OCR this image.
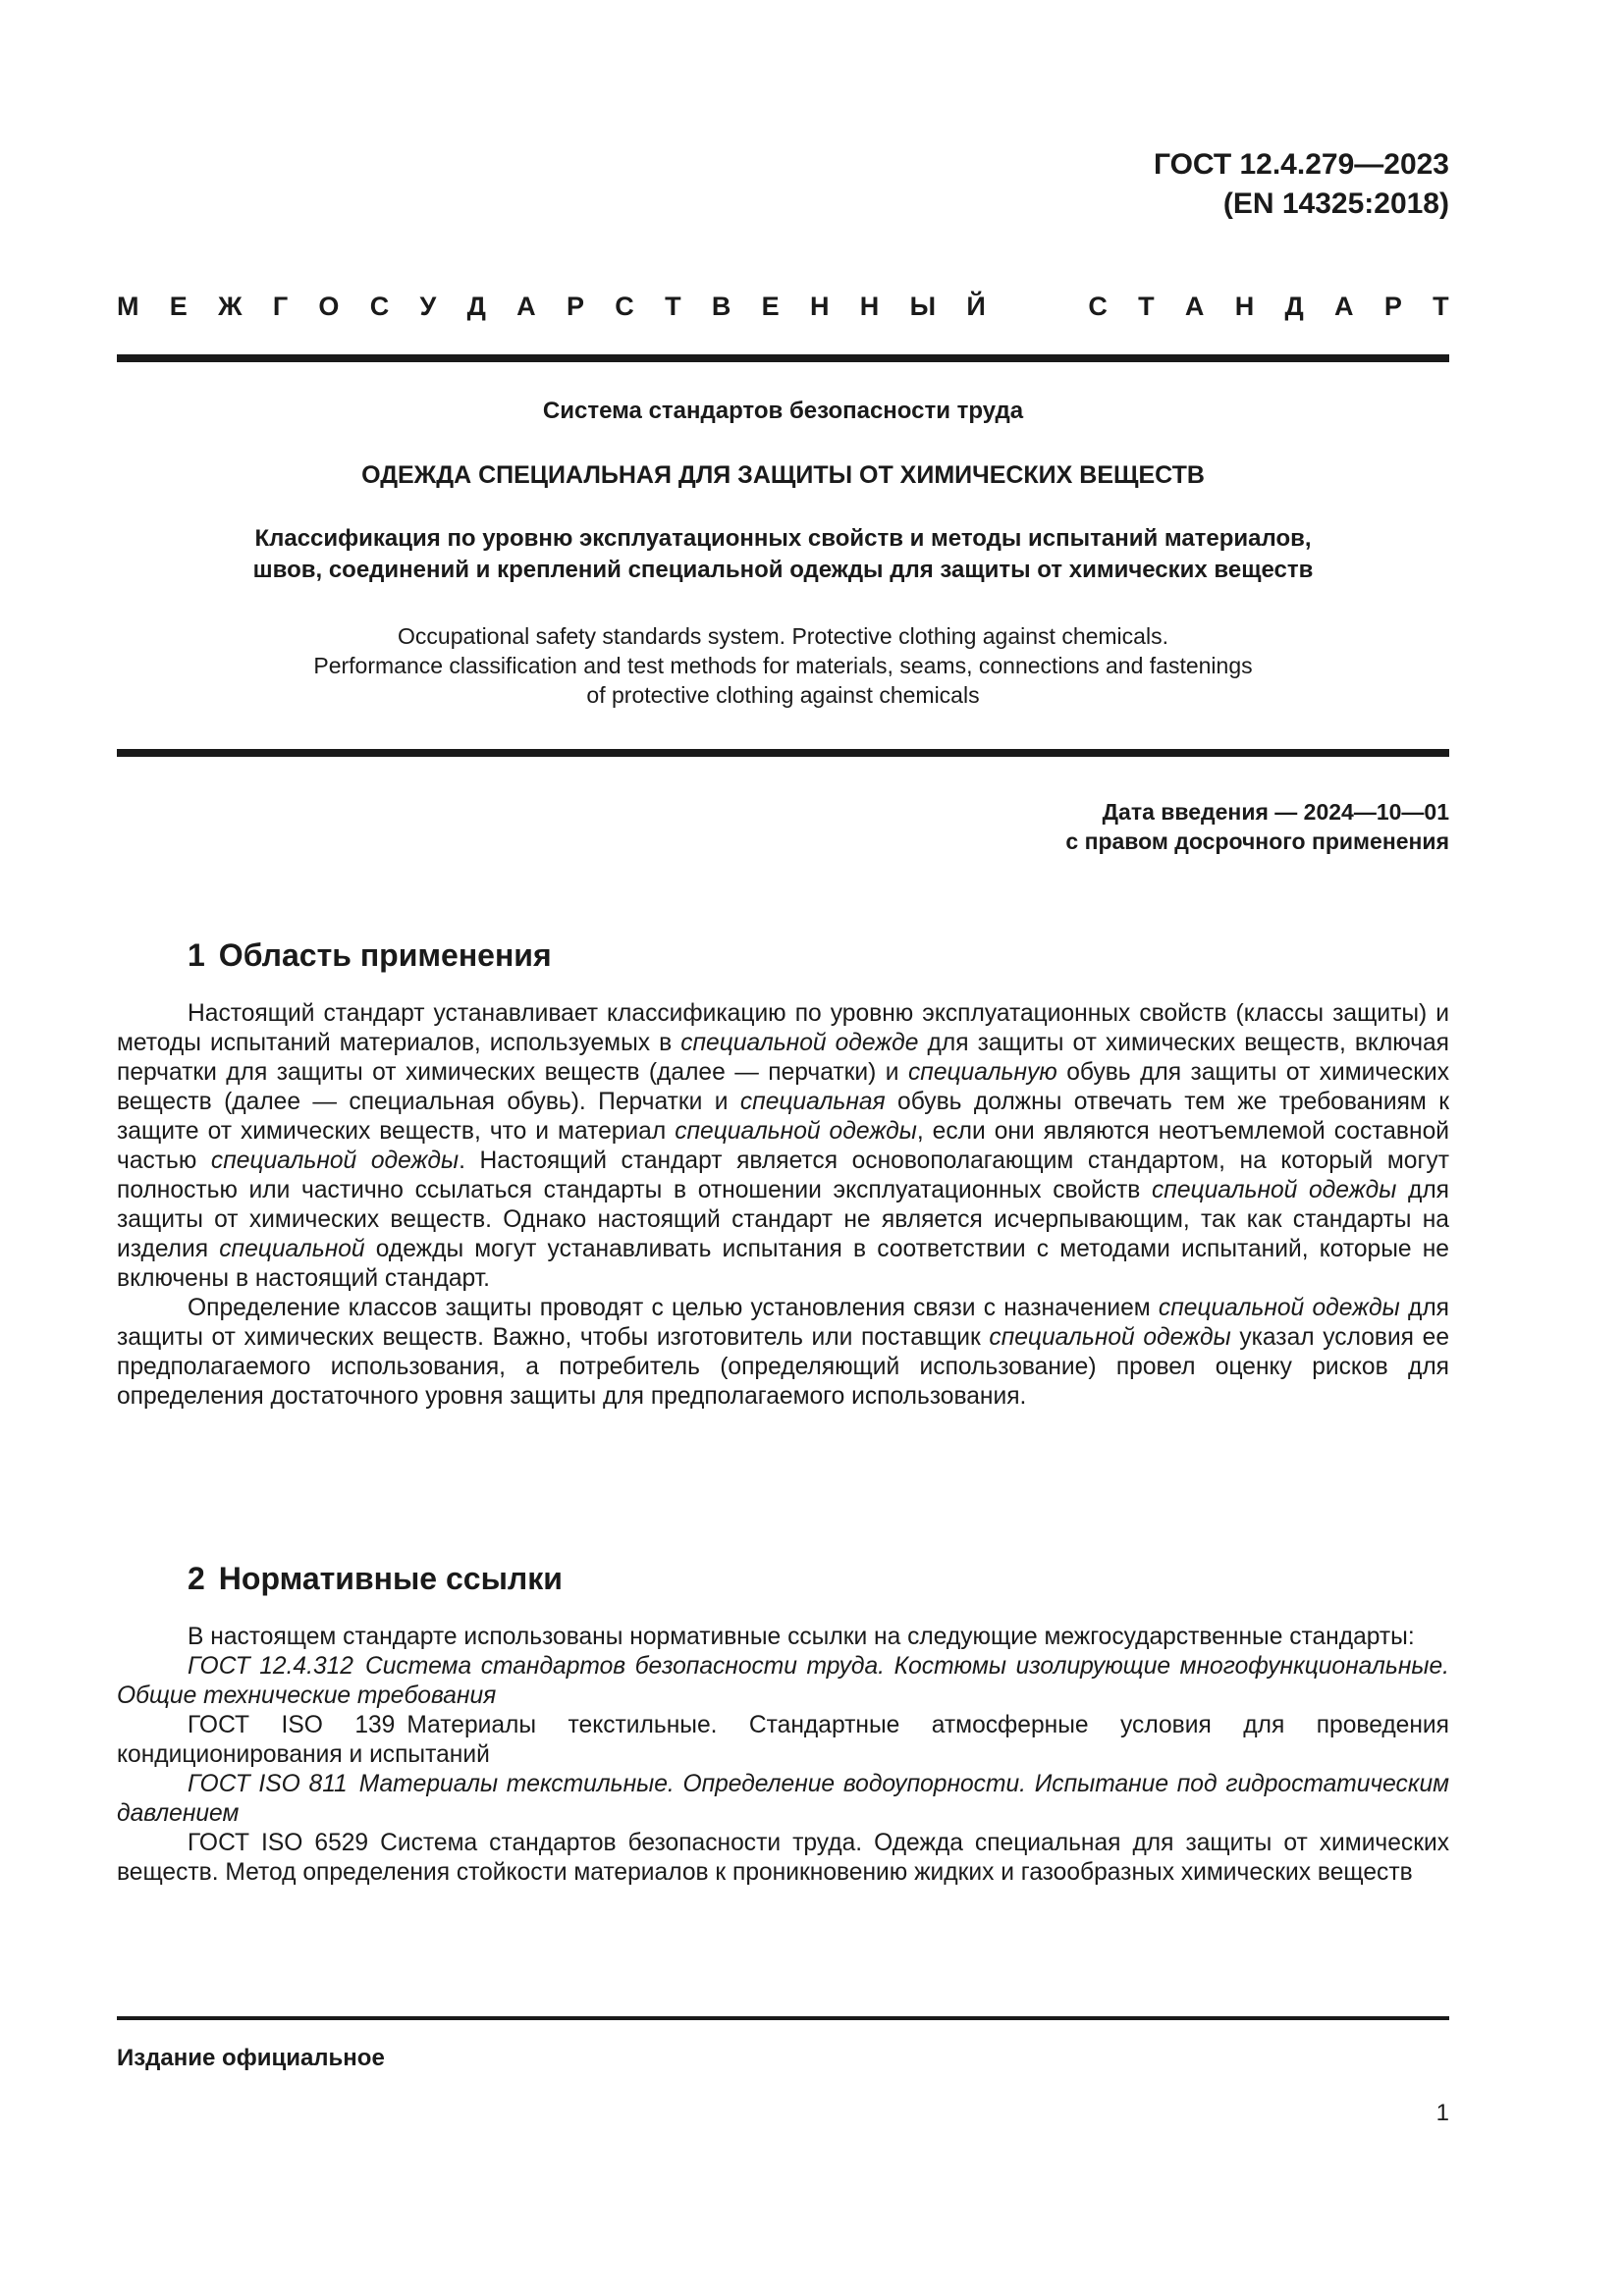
ГОСТ 12.4.279—2023
(EN 14325:2018)
М Е Ж Г О С У Д А Р С Т В Е Н Н Ы Й	С Т А Н Д А Р Т
Система стандартов безопасности труда
ОДЕЖДА СПЕЦИАЛЬНАЯ ДЛЯ ЗАЩИТЫ ОТ ХИМИЧЕСКИХ ВЕЩЕСТВ
Классификация по уровню эксплуатационных свойств и методы испытаний материалов,
швов, соединений и креплений специальной одежды для защиты от химических веществ
Occupational safety standards system. Protective clothing against chemicals.
Performance classification and test methods for materials, seams, connections and fastenings
of protective clothing against chemicals
Дата введения — 2024—10—01
с правом досрочного применения
1 Область применения

Настоящий стандарт устанавливает классификацию по уровню эксплуатационных свойств (классы защиты) и методы испытаний материалов, используемых в специальной одежде для защиты от химических веществ, включая перчатки для защиты от химических веществ (далее — перчатки) и специальную обувь для защиты от химических веществ (далее — специальная обувь). Перчатки и специальная обувь должны отвечать тем же требованиям к защите от химических веществ, что и материал специальной одежды, если они являются неотъемлемой составной частью специальной одежды. Настоящий стандарт является основополагающим стандартом, на который могут полностью или частично ссылаться стандарты в отношении эксплуатационных свойств специальной одежды для защиты от химических веществ. Однако настоящий стандарт не является исчерпывающим, так как стандарты на изделия специальной одежды могут устанавливать испытания в соответствии с методами испытаний, которые не включены в настоящий стандарт.

Определение классов защиты проводят с целью установления связи с назначением специальной одежды для защиты от химических веществ. Важно, чтобы изготовитель или поставщик специальной одежды указал условия ее предполагаемого использования, а потребитель (определяющий использование) провел оценку рисков для определения достаточного уровня защиты для предполагаемого использования.

2 Нормативные ссылки

В настоящем стандарте использованы нормативные ссылки на следующие межгосударственные стандарты:

ГОСТ 12.4.312 Система стандартов безопасности труда. Костюмы изолирующие многофункциональные. Общие технические требования

ГОСТ ISO 139 Материалы текстильные. Стандартные атмосферные условия для проведения кондиционирования и испытаний

ГОСТ ISO 811 Материалы текстильные. Определение водоупорности. Испытание под гидростатическим давлением

ГОСТ ISO 6529 Система стандартов безопасности труда. Одежда специальная для защиты от химических веществ. Метод определения стойкости материалов к проникновению жидких и газообразных химических веществ

Издание официальное
1
